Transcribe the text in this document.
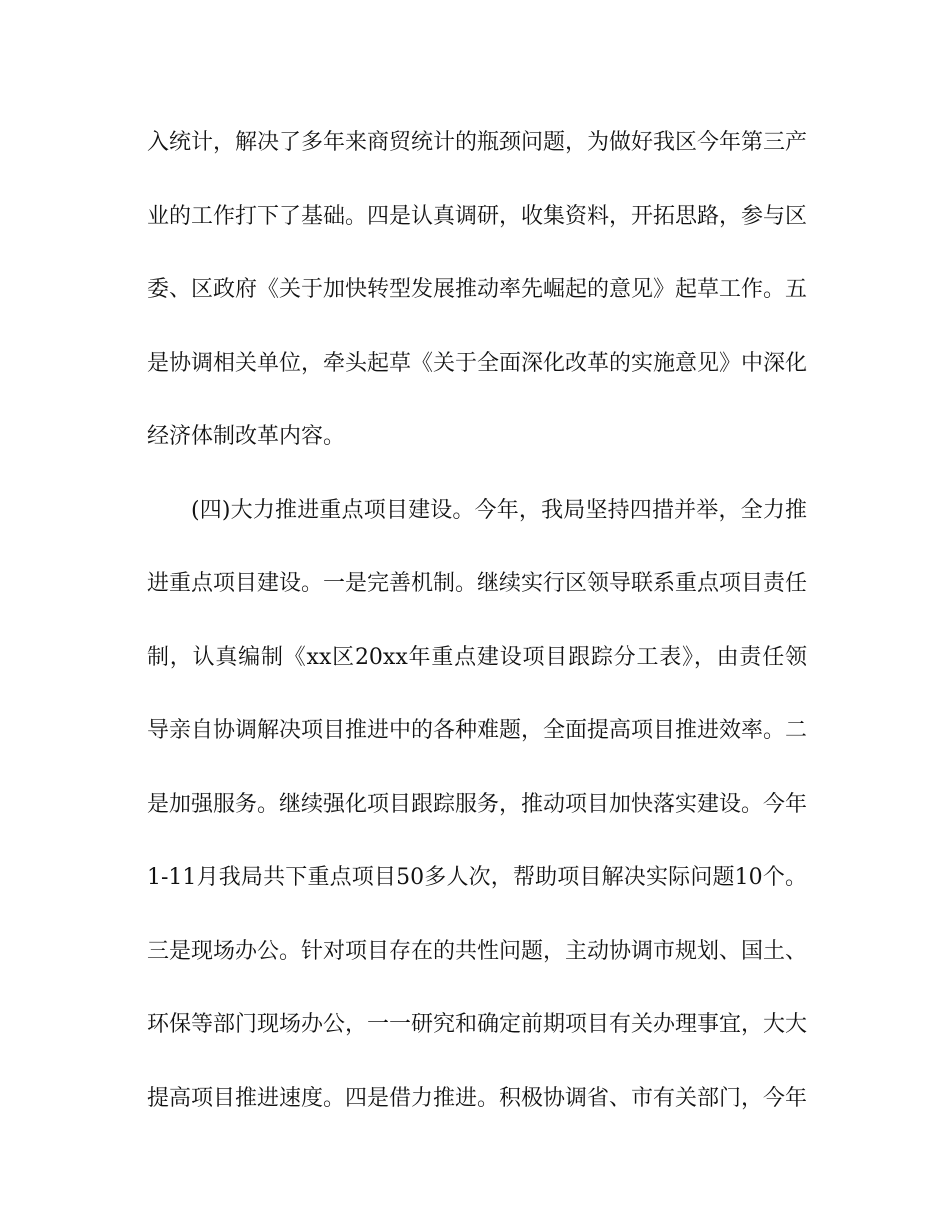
入统计，解决了多年来商贸统计的瓶颈问题，为做好我区今年第三产
业的工作打下了基础。四是认真调研，收集资料，开拓思路，参与区
委、区政府《关于加快转型发展推动率先崛起的意见》起草工作。五
是协调相关单位，牵头起草《关于全面深化改革的实施意见》中深化
经济体制改革内容。
(四)大力推进重点项目建设。今年，我局坚持四措并举，全力推
进重点项目建设。一是完善机制。继续实行区领导联系重点项目责任
制，认真编制《xx区20xx年重点建设项目跟踪分工表》，由责任领
导亲自协调解决项目推进中的各种难题，全面提高项目推进效率。二
是加强服务。继续强化项目跟踪服务，推动项目加快落实建设。今年
1-11月我局共下重点项目50多人次，帮助项目解决实际问题10个。
三是现场办公。针对项目存在的共性问题，主动协调市规划、国土、
环保等部门现场办公，一一研究和确定前期项目有关办理事宜，大大
提高项目推进速度。四是借力推进。积极协调省、市有关部门，今年
